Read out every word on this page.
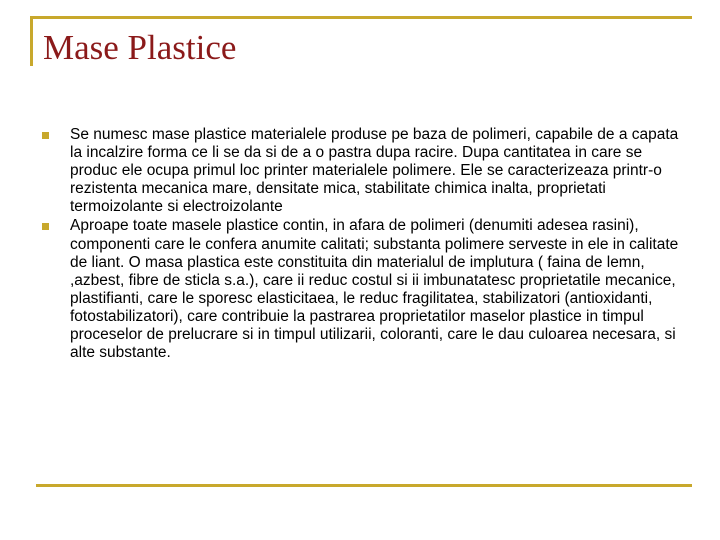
Mase Plastice
Se numesc mase plastice materialele produse pe baza de polimeri, capabile de a capata la incalzire forma ce li se da si de a o pastra dupa racire. Dupa cantitatea in care se produc ele ocupa primul loc printer materialele polimere. Ele se caracterizeaza printr-o rezistenta mecanica mare, densitate mica, stabilitate chimica inalta, proprietati termoizolante si electroizolante
Aproape toate masele plastice contin, in afara de polimeri (denumiti adesea rasini), componenti care le confera anumite calitati; substanta polimere serveste in ele in calitate de liant. O masa plastica este constituita din materialul de implutura ( faina de lemn, ,azbest, fibre de sticla s.a.), care ii reduc costul si ii imbunatatesc proprietatile mecanice, plastifianti, care le sporesc elasticitaea, le reduc fragilitatea, stabilizatori (antioxidanti, fotostabilizatori), care contribuie la pastrarea proprietatilor maselor plastice in timpul proceselor de prelucrare si in timpul utilizarii, coloranti, care le dau culoarea necesara, si alte substante.
